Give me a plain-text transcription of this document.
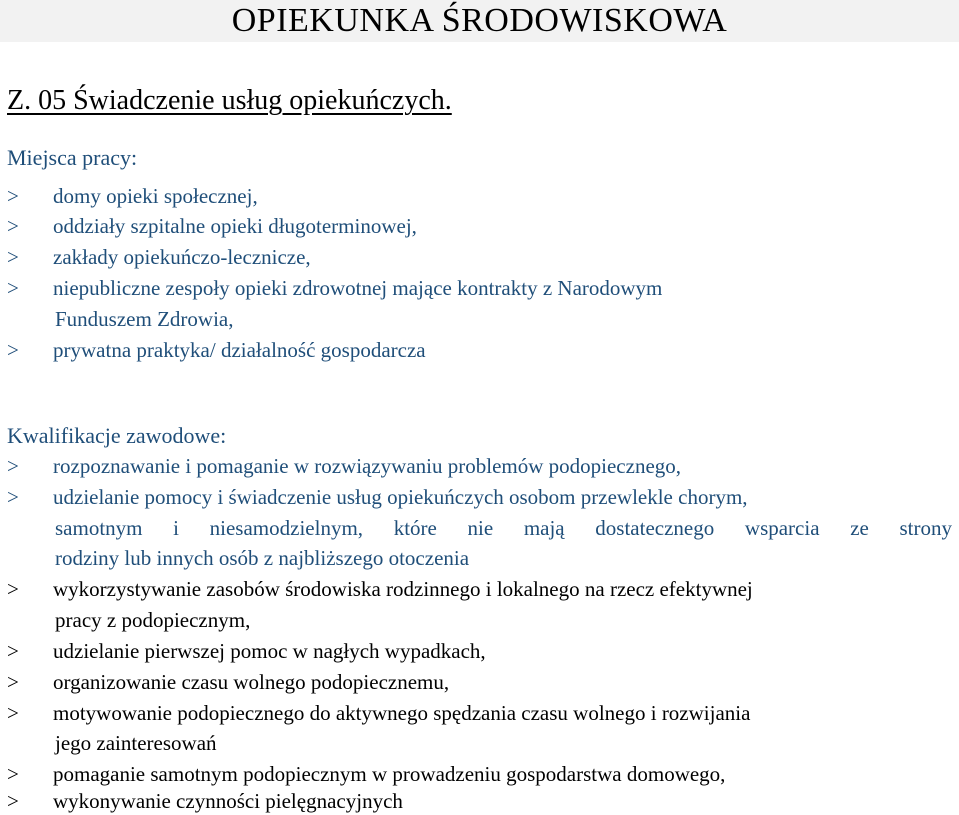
OPIEKUNKA ŚRODOWISKOWA
Z. 05 Świadczenie usług opiekuńczych.
Miejsca pracy:
> domy opieki społecznej,
> oddziały szpitalne opieki długoterminowej,
> zakłady opiekuńczo-lecznicze,
> niepubliczne zespoły opieki zdrowotnej mające kontrakty z Narodowym
Funduszem Zdrowia,
> prywatna praktyka/ działalność gospodarcza
Kwalifikacje zawodowe:
> rozpoznawanie i pomaganie w rozwiązywaniu problemów podopiecznego,
> udzielanie pomocy i świadczenie usług opiekuńczych osobom przewlekle chorym,
samotnym i niesamodzielnym, które nie mają dostatecznego wsparcia ze strony
rodziny lub innych osób z najbliższego otoczenia
> wykorzystywanie zasobów środowiska rodzinnego i lokalnego na rzecz efektywnej
pracy z podopiecznym,
> udzielanie pierwszej pomoc w nagłych wypadkach,
> organizowanie czasu wolnego podopiecznemu,
> motywowanie podopiecznego do aktywnego spędzania czasu wolnego i rozwijania
jego zainteresowań
> pomaganie samotnym podopiecznym w prowadzeniu gospodarstwa domowego,
> wykonywanie czynności pielęgnacyjnych
